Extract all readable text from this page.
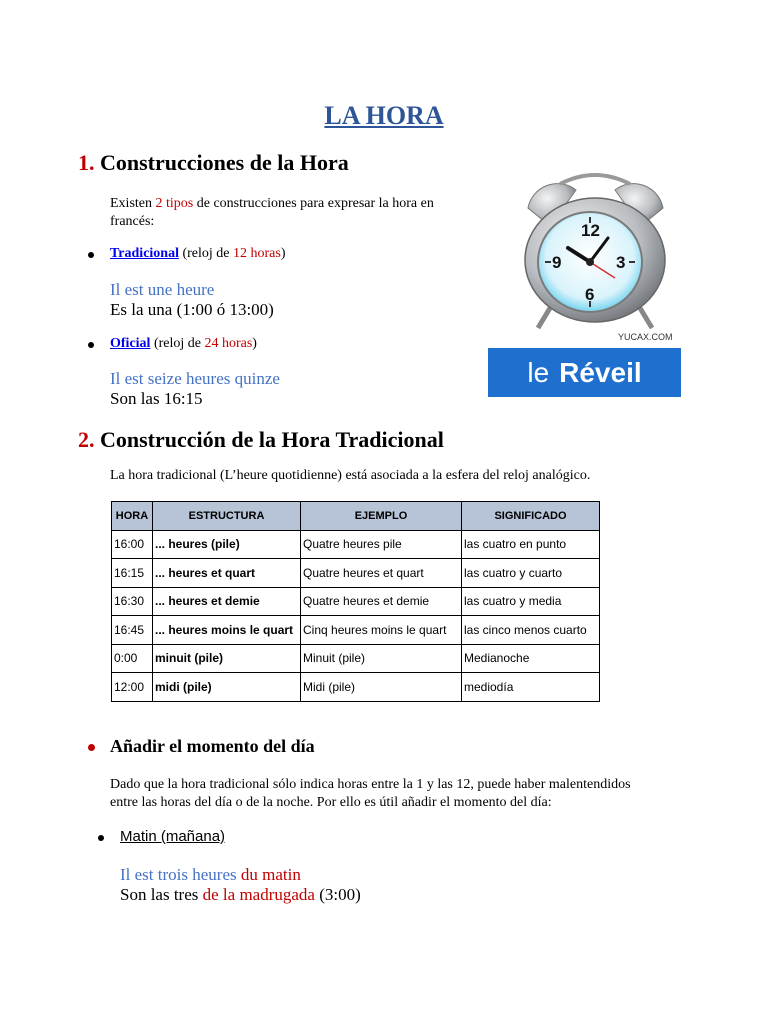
LA HORA
1. Construcciones de la Hora
Existen 2 tipos de construcciones para expresar la hora en
francés:
Tradicional (reloj de 12 horas)
Il est une heure
Es la una (1:00 ó 13:00)
Oficial (reloj de 24 horas)
Il est seize heures quinze
Son las 16:15
12
3
6
9
YUCAX.COM
le Réveil
2. Construcción de la Hora Tradicional
La hora tradicional (L’heure quotidienne) está asociada a la esfera del reloj analógico.
HORA	ESTRUCTURA	EJEMPLO	SIGNIFICADO
16:00	... heures (pile)	Quatre heures pile	las cuatro en punto
16:15	... heures et quart	Quatre heures et quart	las cuatro y cuarto
16:30	... heures et demie	Quatre heures et demie	las cuatro y media
16:45	... heures moins le quart	Cinq heures moins le quart	las cinco menos cuarto
0:00	minuit (pile)	Minuit (pile)	Medianoche
12:00	midi (pile)	Midi (pile)	mediodía
Añadir el momento del día
Dado que la hora tradicional sólo indica horas entre la 1 y las 12, puede haber malentendidos
entre las horas del día o de la noche. Por ello es útil añadir el momento del día:
Matin (mañana)
Il est trois heures du matin
Son las tres de la madrugada (3:00)
